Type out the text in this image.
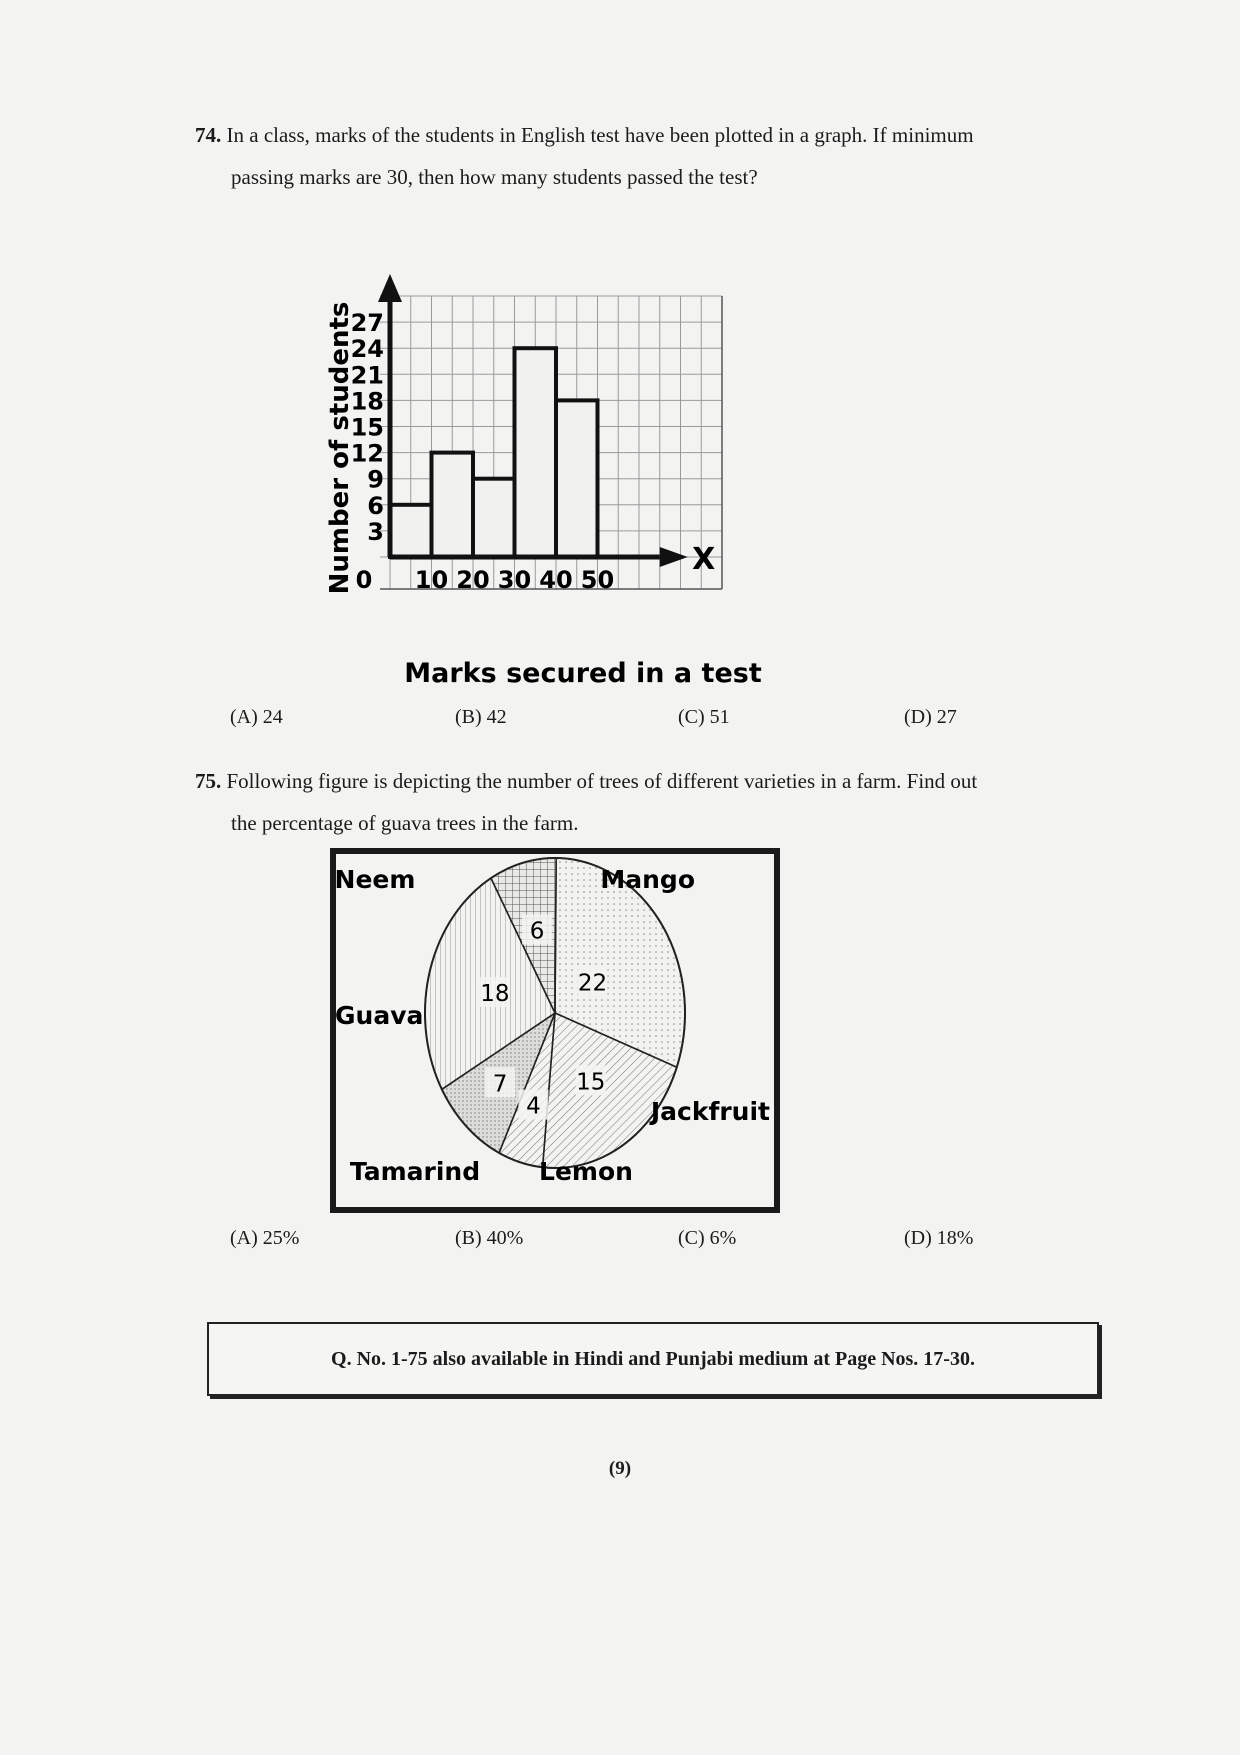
74. In a class, marks of the students in English test have been plotted in a graph. If minimum
passing marks are 30, then how many students passed the test?
X
3
6
9
12
15
18
21
24
27
0 10 20 30 40 50
Number of students
Marks secured in a test
(A) 24	(B) 42	(C) 51	(D) 27
75. Following figure is depicting the number of trees of different varieties in a farm. Find out
the percentage of guava trees in the farm.
22
15
4
7
18
6
Mango
Jackfruit
Lemon
Tamarind
Guava
Neem
(A) 25%	(B) 40%	(C) 6%	(D) 18%
Q. No. 1-75 also available in Hindi and Punjabi medium at Page Nos. 17-30.
(9)
